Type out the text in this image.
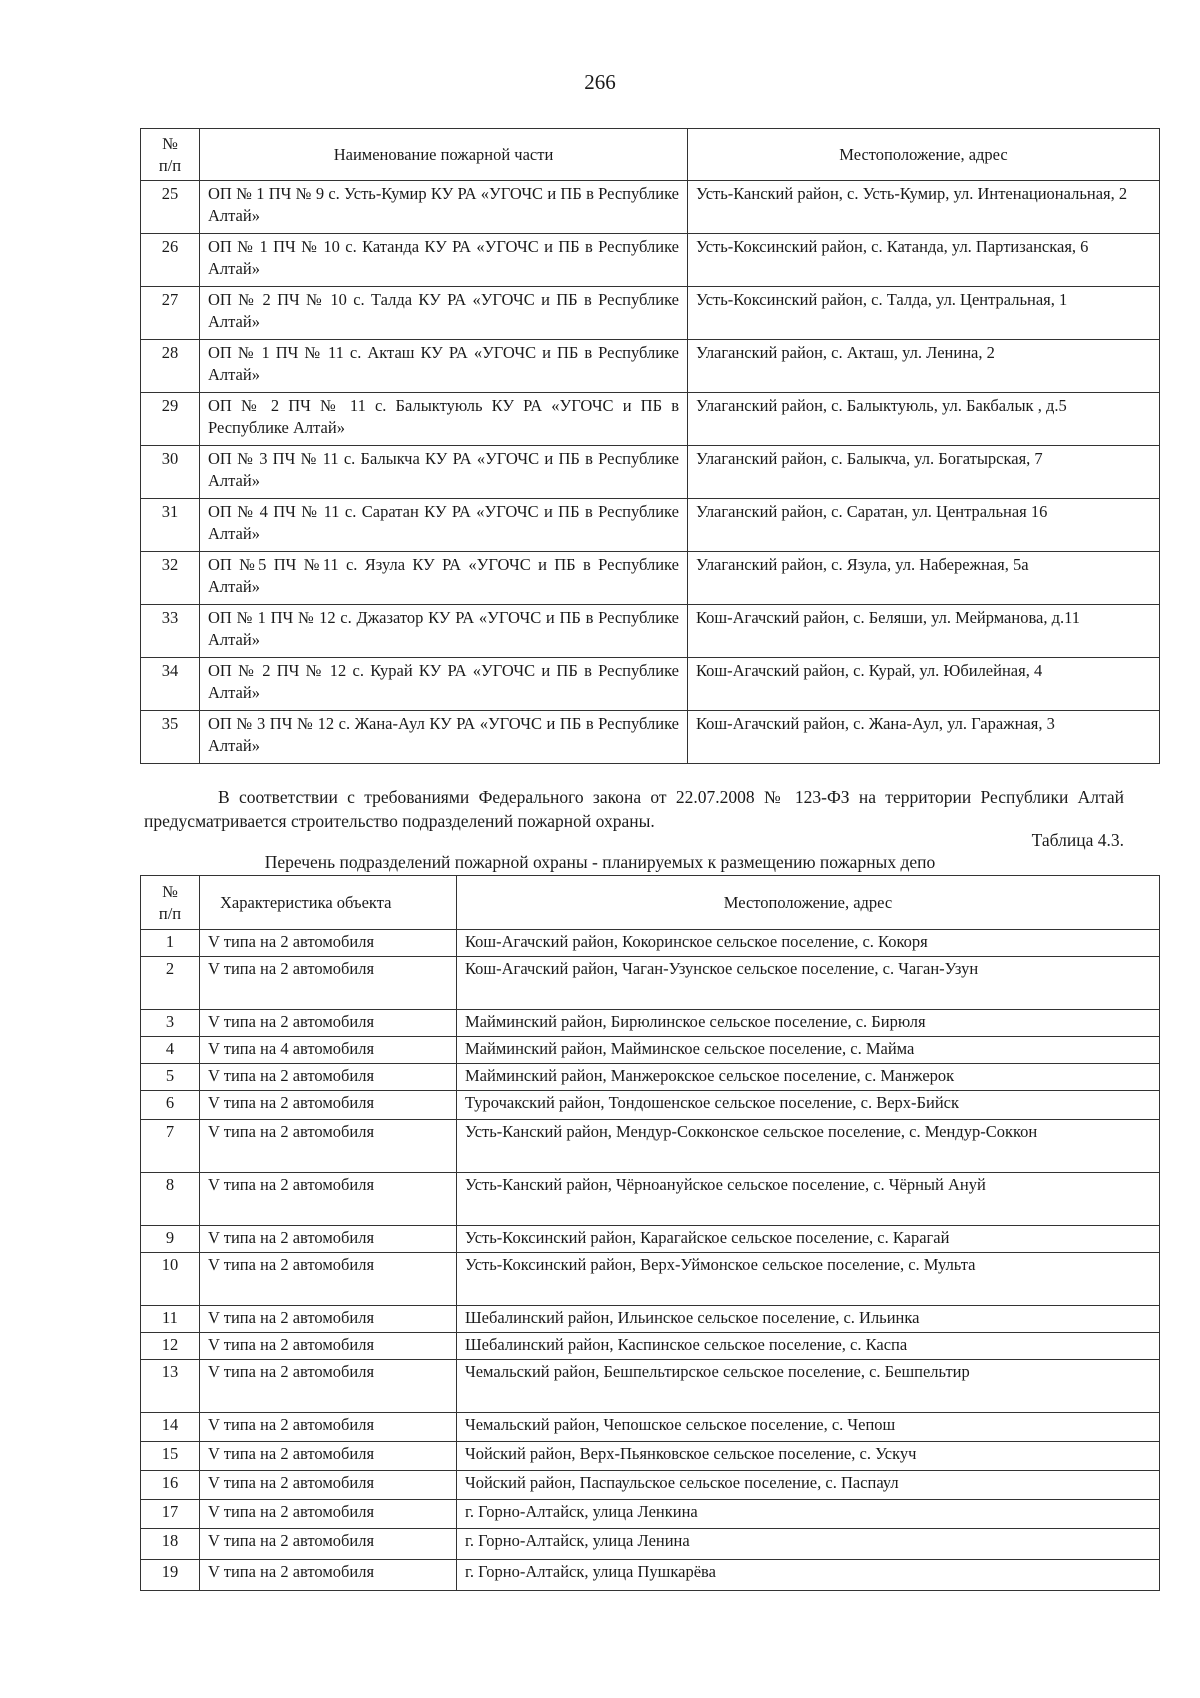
266
№
п/п	Наименование пожарной части	Местоположение, адрес
25	ОП № 1 ПЧ № 9 с. Усть-Кумир КУ РА «УГОЧС и ПБ в Республике Алтай»	Усть-Канский район, с. Усть-Кумир, ул. Интенациональная, 2
26	ОП № 1 ПЧ № 10 с. Катанда КУ РА «УГОЧС и ПБ в Республике Алтай»	Усть-Коксинский район, с. Катанда, ул. Партизанская, 6
27	ОП № 2 ПЧ № 10 с. Талда КУ РА «УГОЧС и ПБ в Республике Алтай»	Усть-Коксинский район, с. Талда, ул. Центральная, 1
28	ОП № 1 ПЧ № 11 с. Акташ КУ РА «УГОЧС и ПБ в Республике Алтай»	Улаганский район, с. Акташ, ул. Ленина, 2
29	ОП № 2 ПЧ № 11 с. Балыктуюль КУ РА «УГОЧС и ПБ в Республике Алтай»	Улаганский район, с. Балыктуюль, ул. Бакбалык , д.5
30	ОП № 3 ПЧ № 11 с. Балыкча КУ РА «УГОЧС и ПБ в Республике Алтай»	Улаганский район, с. Балыкча, ул. Богатырская, 7
31	ОП № 4 ПЧ № 11 с. Саратан КУ РА «УГОЧС и ПБ в Республике Алтай»	Улаганский район, с. Саратан, ул. Центральная 16
32	ОП №5 ПЧ №11 с. Язула КУ РА «УГОЧС и ПБ в Республике Алтай»	Улаганский район, с. Язула, ул. Набережная, 5а
33	ОП № 1 ПЧ № 12 с. Джазатор КУ РА «УГОЧС и ПБ в Республике Алтай»	Кош-Агачский район, с. Беляши, ул. Мейрманова, д.11
34	ОП № 2 ПЧ № 12 с. Курай КУ РА «УГОЧС и ПБ в Республике Алтай»	Кош-Агачский район, с. Курай, ул. Юбилейная, 4
35	ОП № 3 ПЧ № 12 с. Жана-Аул КУ РА «УГОЧС и ПБ в Республике Алтай»	Кош-Агачский район, с. Жана-Аул, ул. Гаражная, 3
В соответствии с требованиями Федерального закона от 22.07.2008 № 123-ФЗ на территории Республики Алтай предусматривается строительство подразделений пожарной охраны.
Таблица 4.3.
Перечень подразделений пожарной охраны - планируемых к размещению пожарных депо
№
п/п	Характеристика объекта	Местоположение, адрес
1	V типа на 2 автомобиля	Кош-Агачский район, Кокоринское сельское поселение, с. Кокоря
2	V типа на 2 автомобиля	Кош-Агачский район, Чаган-Узунское сельское поселение, с. Чаган-Узун
3	V типа на 2 автомобиля	Майминский район, Бирюлинское сельское поселение, с. Бирюля
4	V типа на 4 автомобиля	Майминский район, Майминское сельское поселение, с. Майма
5	V типа на 2 автомобиля	Майминский район, Манжерокское сельское поселение, с. Манжерок
6	V типа на 2 автомобиля	Турочакский район, Тондошенское сельское поселение, с. Верх-Бийск
7	V типа на 2 автомобиля	Усть-Канский район, Мендур-Сокконское сельское поселение, с. Мендур-Соккон
8	V типа на 2 автомобиля	Усть-Канский район, Чёрноануйское сельское поселение, с. Чёрный Ануй
9	V типа на 2 автомобиля	Усть-Коксинский район, Карагайское сельское поселение, с. Карагай
10	V типа на 2 автомобиля	Усть-Коксинский район, Верх-Уймонское сельское поселение, с. Мульта
11	V типа на 2 автомобиля	Шебалинский район, Ильинское сельское поселение, с. Ильинка
12	V типа на 2 автомобиля	Шебалинский район, Каспинское сельское поселение, с. Каспа
13	V типа на 2 автомобиля	Чемальский район, Бешпельтирское сельское поселение, с. Бешпельтир
14	V типа на 2 автомобиля	Чемальский район, Чепошское сельское поселение, с. Чепош
15	V типа на 2 автомобиля	Чойский район, Верх-Пьянковское сельское поселение, с. Ускуч
16	V типа на 2 автомобиля	Чойский район, Паспаульское сельское поселение, с. Паспаул
17	V типа на 2 автомобиля	г. Горно-Алтайск, улица Ленкина
18	V типа на 2 автомобиля	г. Горно-Алтайск, улица Ленина
19	V типа на 2 автомобиля	г. Горно-Алтайск, улица Пушкарёва
